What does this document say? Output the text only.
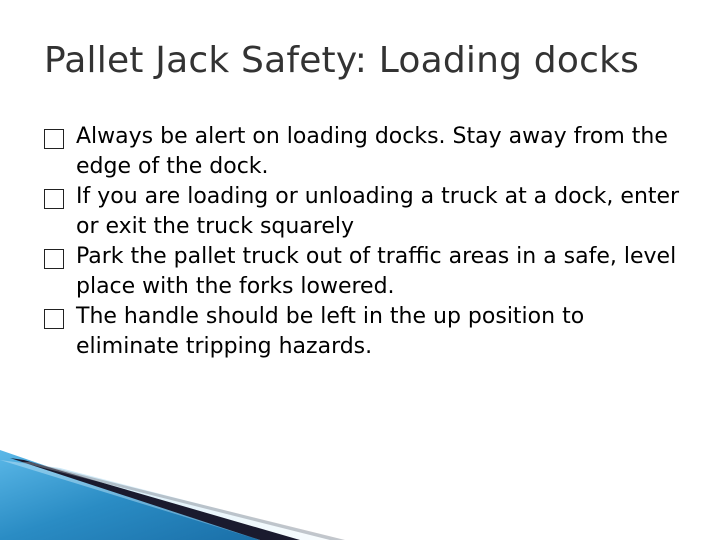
Pallet Jack Safety: Loading docks
Always be alert on loading docks. Stay away from the edge of the dock.
If you are loading or unloading a truck at a dock, enter or exit the truck squarely
Park the pallet truck out of traffic areas in a safe, level place with the forks lowered.
The handle should be left in the up position to eliminate tripping hazards.
